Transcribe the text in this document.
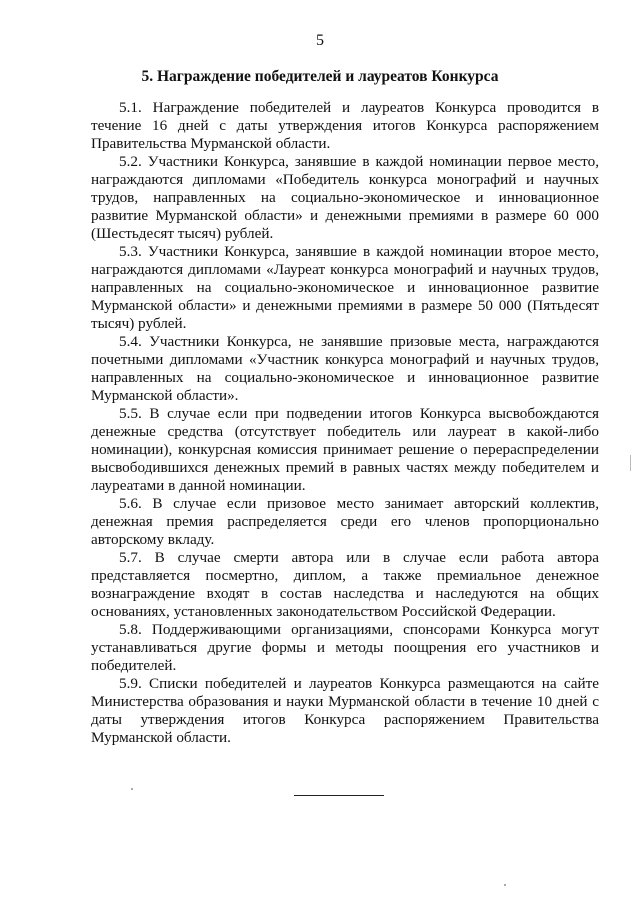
5
5. Награждение победителей и лауреатов Конкурса

5.1. Награждение победителей и лауреатов Конкурса проводится в течение 16 дней с даты утверждения итогов Конкурса распоряжением Правительства Мурманской области.

5.2. Участники Конкурса, занявшие в каждой номинации первое место, награждаются дипломами «Победитель конкурса монографий и научных трудов, направленных на социально-экономическое и инновационное развитие Мурманской области» и денежными премиями в размере 60 000 (Шестьдесят тысяч) рублей.

5.3. Участники Конкурса, занявшие в каждой номинации второе место, награждаются дипломами «Лауреат конкурса монографий и научных трудов, направленных на социально-экономическое и инновационное развитие Мурманской области» и денежными премиями в размере 50 000 (Пятьдесят тысяч) рублей.

5.4. Участники Конкурса, не занявшие призовые места, награждаются почетными дипломами «Участник конкурса монографий и научных трудов, направленных на социально-экономическое и инновационное развитие Мурманской области».

5.5. В случае если при подведении итогов Конкурса высвобождаются денежные средства (отсутствует победитель или лауреат в какой-либо номинации), конкурсная комиссия принимает решение о перераспределении высвободившихся денежных премий в равных частях между победителем и лауреатами в данной номинации.

5.6. В случае если призовое место занимает авторский коллектив, денежная премия распределяется среди его членов пропорционально авторскому вкладу.

5.7. В случае смерти автора или в случае если работа автора представляется посмертно, диплом, а также премиальное денежное вознаграждение входят в состав наследства и наследуются на общих основаниях, установленных законодательством Российской Федерации.

5.8. Поддерживающими организациями, спонсорами Конкурса могут устанавливаться другие формы и методы поощрения его участников и победителей.

5.9. Списки победителей и лауреатов Конкурса размещаются на сайте Министерства образования и науки Мурманской области в течение 10 дней с даты утверждения итогов Конкурса распоряжением Правительства Мурманской области.
